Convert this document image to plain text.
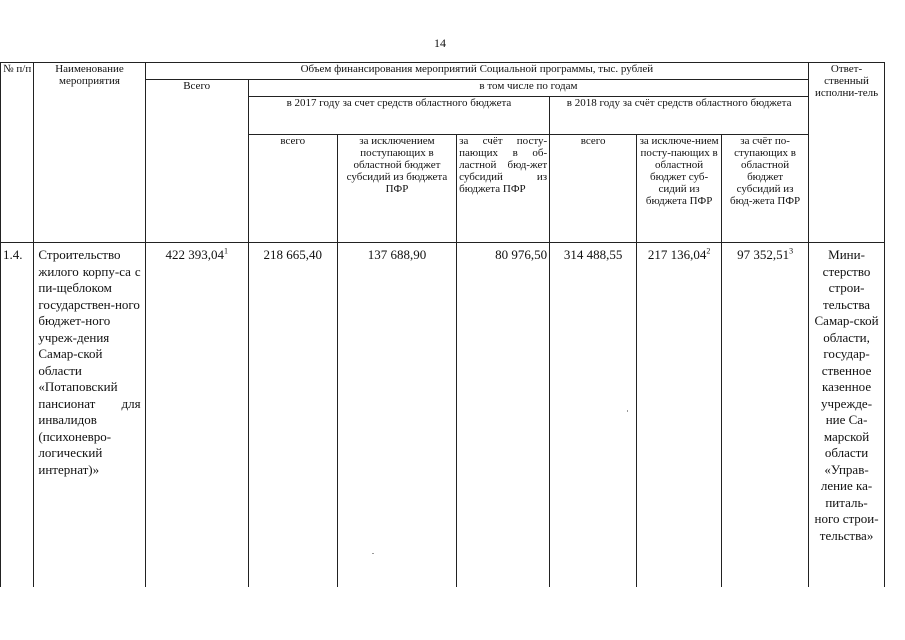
14
№ п/п	Наименование мероприятия	Объем финансирования мероприятий Социальной программы, тыс. рублей							Ответ-ственный исполни-тель
		Всего	в том числе по годам						
			в 2017 году за счет средств областного бюджета			в 2018 году за счёт средств областного бюджета			
			всего	за исключением поступающих в областной бюджет субсидий из бюджета ПФР	за счёт посту-пающих в об-ластной бюд-жет субсидий из бюджета ПФР	всего	за исключе-нием посту-пающих в областной бюджет суб-сидий из бюджета ПФР	за счёт по-ступающих в областной бюджет субсидий из бюд-жета ПФР	
1.4.	Строительство жилого корпу-са с пи-щеблоком государствен-ного бюджет-ного учреж-дения Самар-ской области «Потаповский пансионат для инвалидов (психоневро-логический интернат)»	422 393,04$^1$	218 665,40	137 688,90	80 976,50	314 488,55	217 136,04$^2$	97 352,51$^3$	Мини-стерство строи-тельства Самар-ской области, государ-ственное казенное учрежде-ние Са-марской области «Управ-ление ка-питаль-ного строи-тельства»
